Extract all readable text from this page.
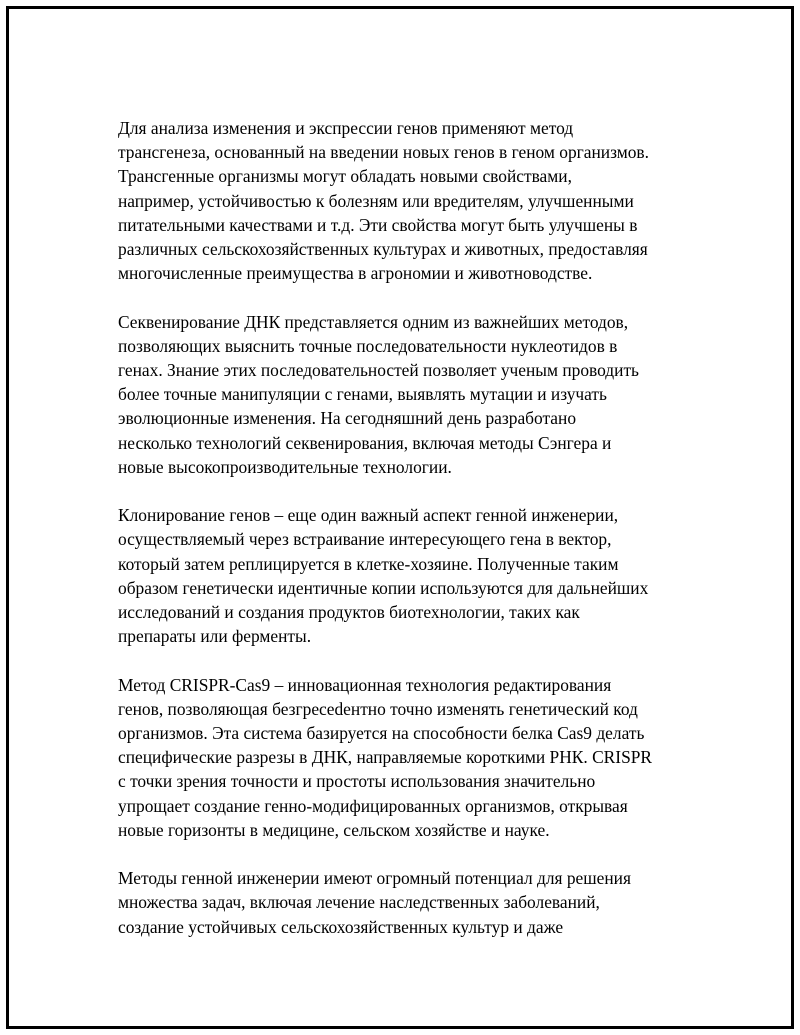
Для анализа изменения и экспрессии генов применяют метод
трансгенеза, основанный на введении новых генов в геном организмов.
Трансгенные организмы могут обладать новыми свойствами,
например, устойчивостью к болезням или вредителям, улучшенными
питательными качествами и т.д. Эти свойства могут быть улучшены в
различных сельскохозяйственных культурах и животных, предоставляя
многочисленные преимущества в агрономии и животноводстве.

Секвенирование ДНК представляется одним из важнейших методов,
позволяющих выяснить точные последовательности нуклеотидов в
генах. Знание этих последовательностей позволяет ученым проводить
более точные манипуляции с генами, выявлять мутации и изучать
эволюционные изменения. На сегодняшний день разработано
несколько технологий секвенирования, включая методы Сэнгера и
новые высокопроизводительные технологии.

Клонирование генов – еще один важный аспект генной инженерии,
осуществляемый через встраивание интересующего гена в вектор,
который затем реплицируется в клетке-хозяине. Полученные таким
образом генетически идентичные копии используются для дальнейших
исследований и создания продуктов биотехнологии, таких как
препараты или ферменты.

Метод CRISPR-Cas9 – инновационная технология редактирования
генов, позволяющая безгрecеdентно точно изменять генетический код
организмов. Эта система базируется на способности белка Cas9 делать
специфические разрезы в ДНК, направляемые короткими РНК. CRISPR
с точки зрения точности и простоты использования значительно
упрощает создание генно-модифицированных организмов, открывая
новые горизонты в медицине, сельском хозяйстве и науке.

Методы генной инженерии имеют огромный потенциал для решения
множества задач, включая лечение наследственных заболеваний,
создание устойчивых сельскохозяйственных культур и даже
